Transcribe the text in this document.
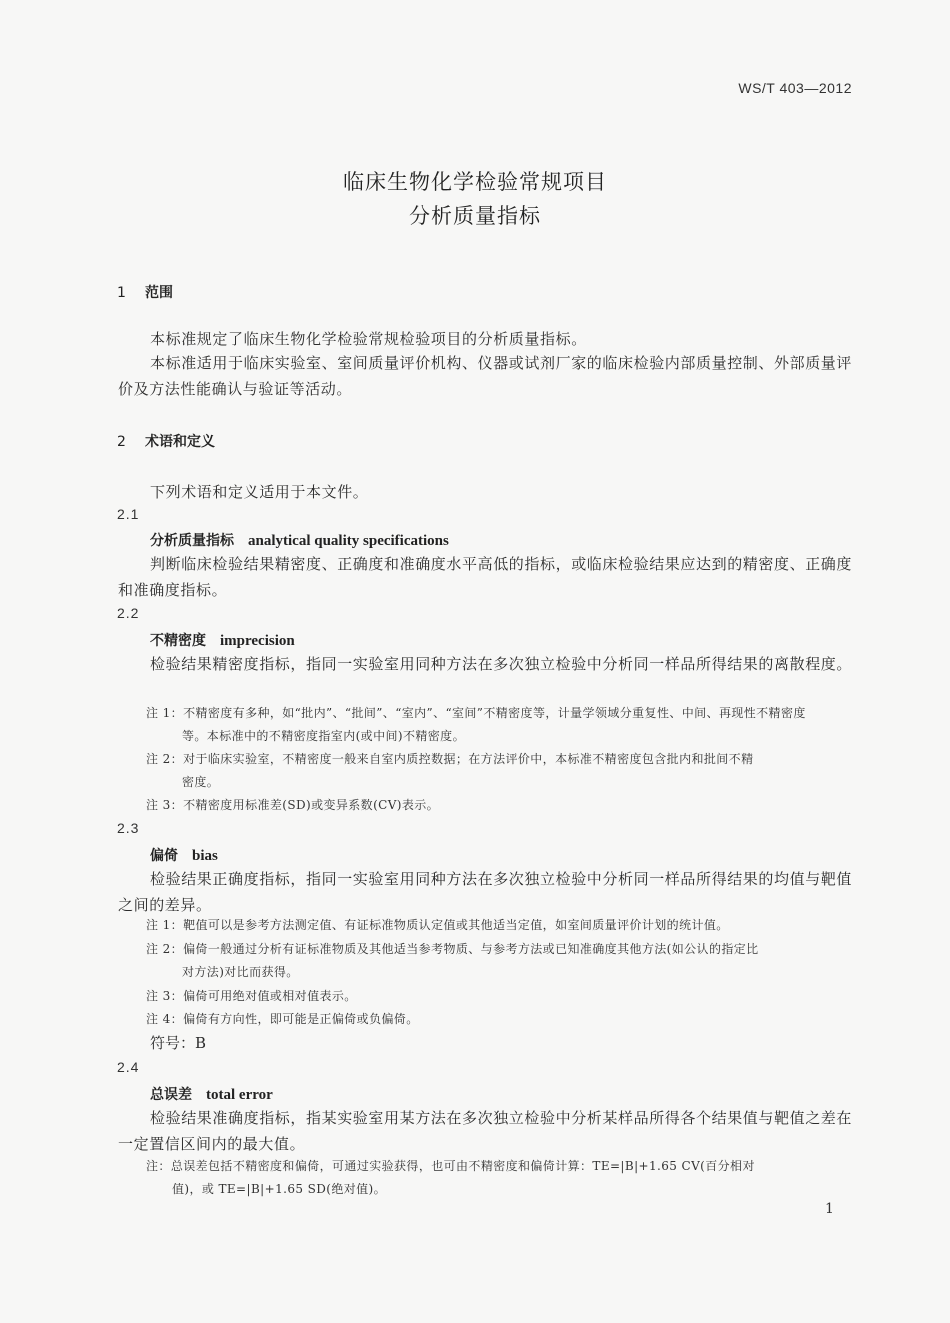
WS/T 403—2012
临床生物化学检验常规项目
分析质量指标
1 范围
本标准规定了临床生物化学检验常规检验项目的分析质量指标。
本标准适用于临床实验室、室间质量评价机构、仪器或试剂厂家的临床检验内部质量控制、外部质量评价及方法性能确认与验证等活动。
2 术语和定义
下列术语和定义适用于本文件。
2.1
分析质量指标 analytical quality specifications
判断临床检验结果精密度、正确度和准确度水平高低的指标，或临床检验结果应达到的精密度、正确度和准确度指标。
2.2
不精密度 imprecision
检验结果精密度指标，指同一实验室用同种方法在多次独立检验中分析同一样品所得结果的离散程度。
注 1：不精密度有多种，如“批内”、“批间”、“室内”、“室间”不精密度等，计量学领域分重复性、中间、再现性不精密度
等。本标准中的不精密度指室内(或中间)不精密度。
注 2：对于临床实验室，不精密度一般来自室内质控数据；在方法评价中，本标准不精密度包含批内和批间不精
密度。
注 3：不精密度用标准差(SD)或变异系数(CV)表示。
2.3
偏倚 bias
检验结果正确度指标，指同一实验室用同种方法在多次独立检验中分析同一样品所得结果的均值与靶值之间的差异。
注 1：靶值可以是参考方法测定值、有证标准物质认定值或其他适当定值，如室间质量评价计划的统计值。
注 2：偏倚一般通过分析有证标准物质及其他适当参考物质、与参考方法或已知准确度其他方法(如公认的指定比
对方法)对比而获得。
注 3：偏倚可用绝对值或相对值表示。
注 4：偏倚有方向性，即可能是正偏倚或负偏倚。
符号：B
2.4
总误差 total error
检验结果准确度指标，指某实验室用某方法在多次独立检验中分析某样品所得各个结果值与靶值之差在一定置信区间内的最大值。
注：总误差包括不精密度和偏倚，可通过实验获得，也可由不精密度和偏倚计算：TE=|B|+1.65 CV(百分相对
值)，或 TE=|B|+1.65 SD(绝对值)。
1
